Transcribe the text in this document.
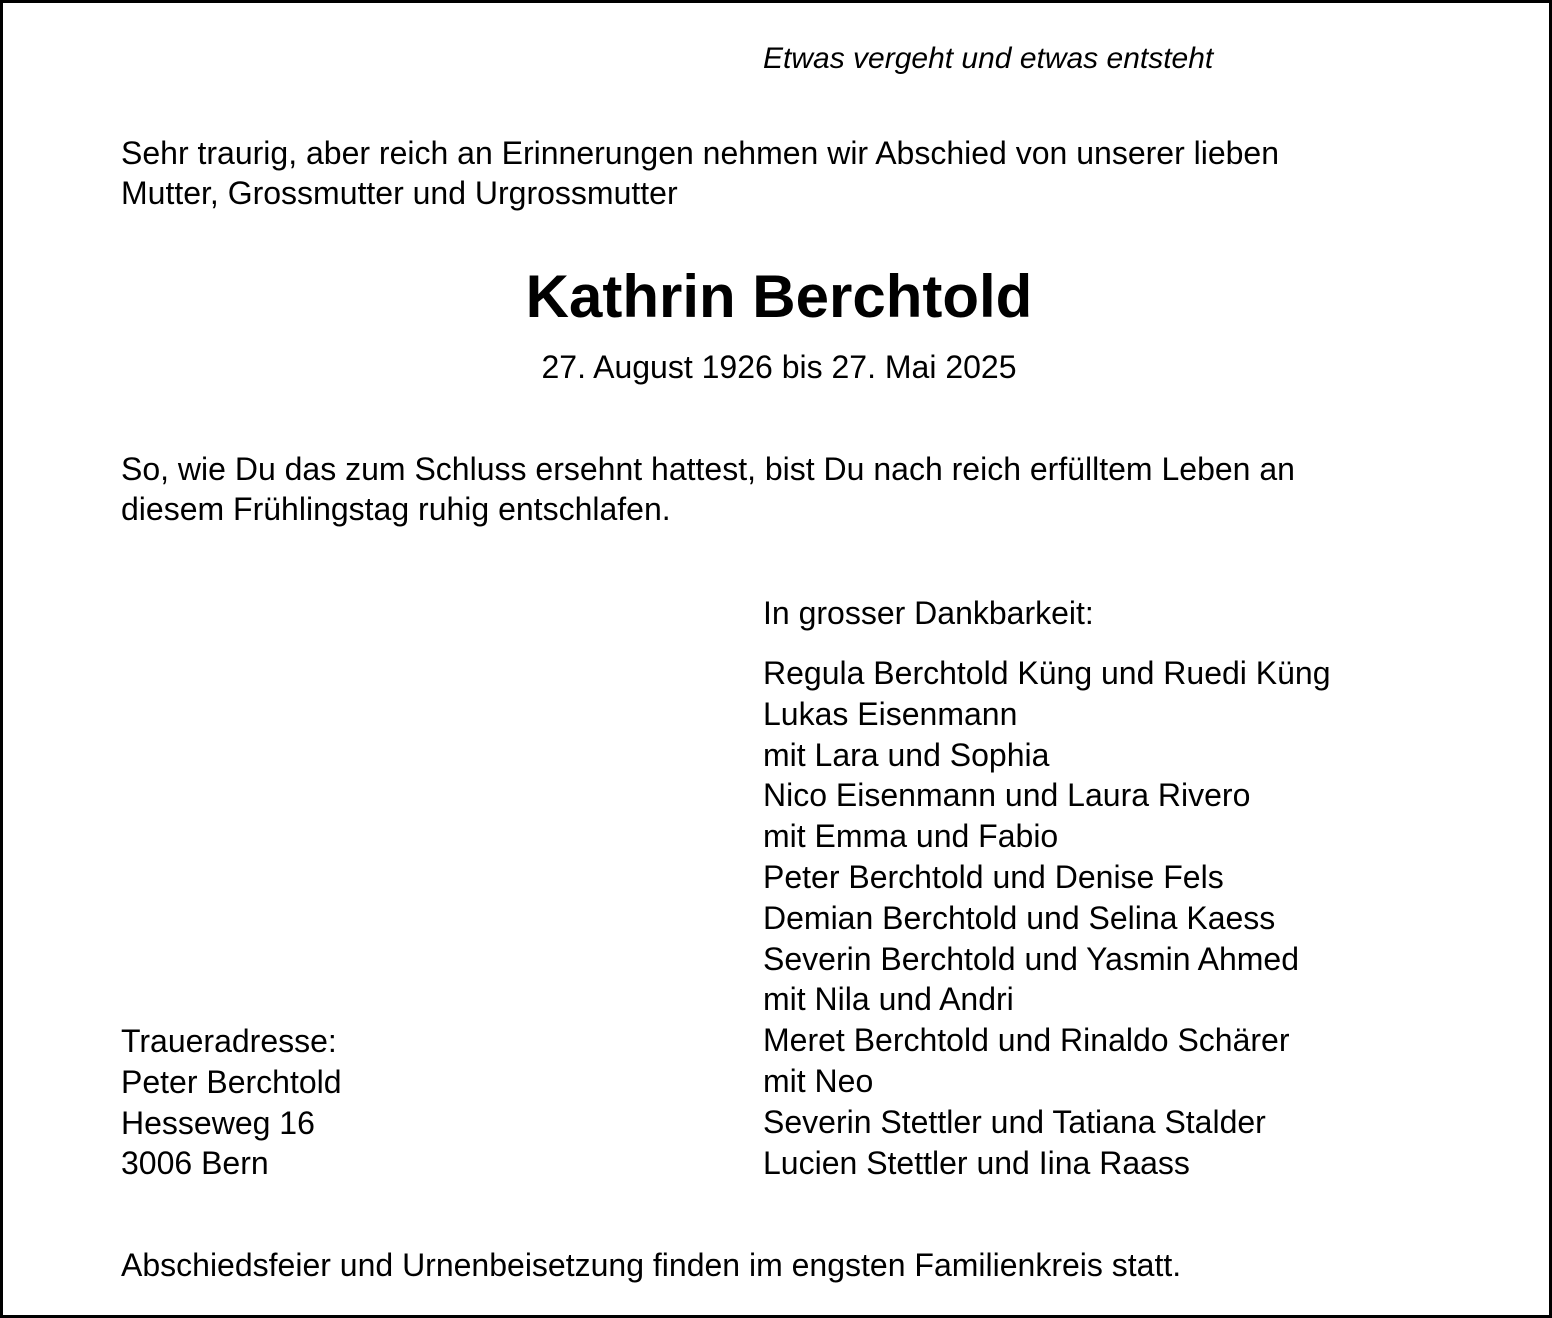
Etwas vergeht und etwas entsteht
Sehr traurig, aber reich an Erinnerungen nehmen wir Abschied von unserer lieben
Mutter, Grossmutter und Urgrossmutter
Kathrin Berchtold
27. August 1926 bis 27. Mai 2025
So, wie Du das zum Schluss ersehnt hattest, bist Du nach reich erfülltem Leben an
diesem Frühlingstag ruhig entschlafen.
In grosser Dankbarkeit:
Regula Berchtold Küng und Ruedi Küng
Lukas Eisenmann
mit Lara und Sophia
Nico Eisenmann und Laura Rivero
mit Emma und Fabio
Peter Berchtold und Denise Fels
Demian Berchtold und Selina Kaess
Severin Berchtold und Yasmin Ahmed
mit Nila und Andri
Meret Berchtold und Rinaldo Schärer
mit Neo
Severin Stettler und Tatiana Stalder
Lucien Stettler und Iina Raass
Traueradresse:
Peter Berchtold
Hesseweg 16
3006 Bern
Abschiedsfeier und Urnenbeisetzung finden im engsten Familienkreis statt.
